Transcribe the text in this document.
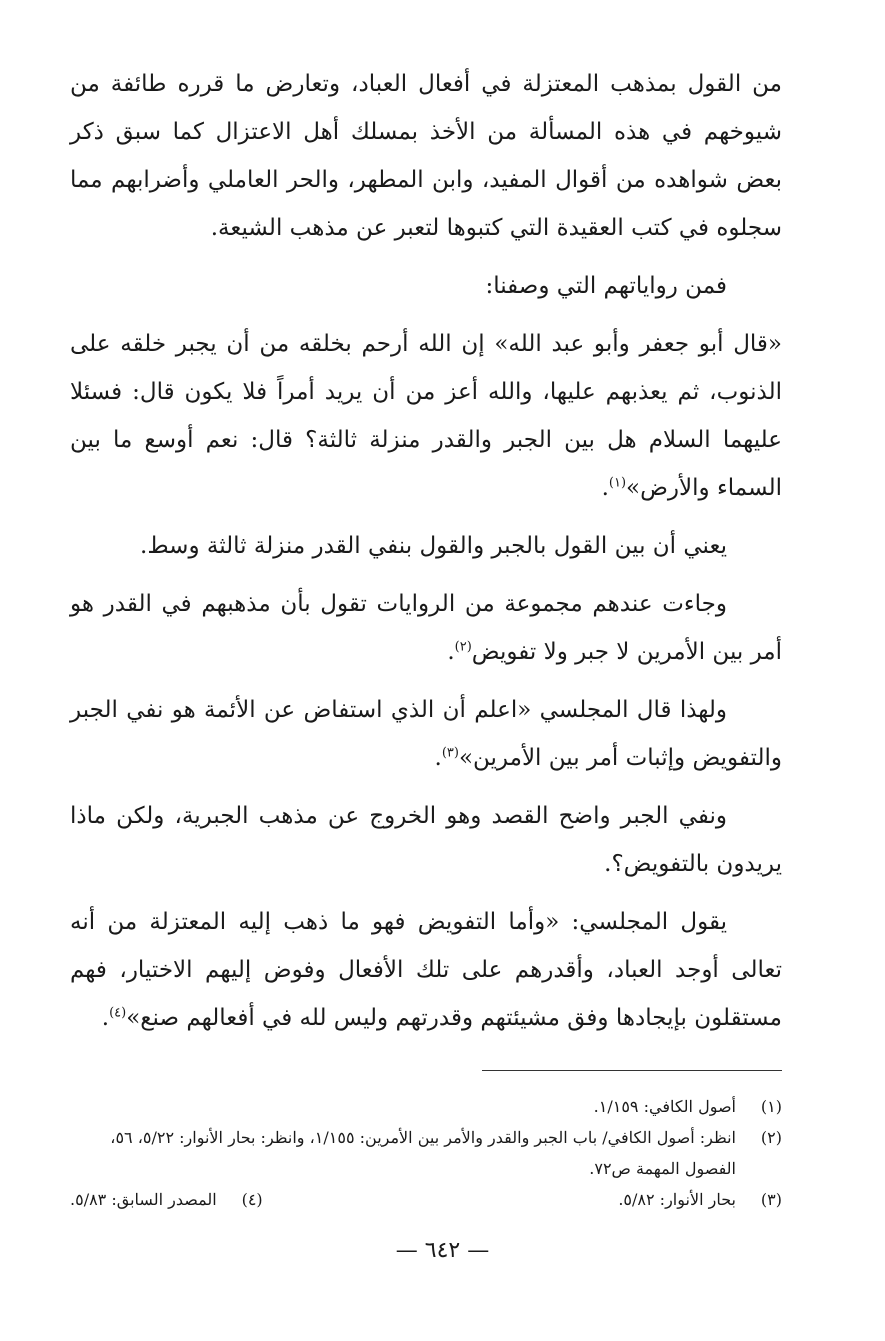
من القول بمذهب المعتزلة في أفعال العباد، وتعارض ما قرره طائفة من شيوخهم في هذه المسألة من الأخذ بمسلك أهل الاعتزال كما سبق ذكر بعض شواهده من أقوال المفيد، وابن المطهر، والحر العاملي وأضرابهم مما سجلوه في كتب العقيدة التي كتبوها لتعبر عن مذهب الشيعة.

فمن رواياتهم التي وصفنا:

«قال أبو جعفر وأبو عبد الله» إن الله أرحم بخلقه من أن يجبر خلقه على الذنوب، ثم يعذبهم عليها، والله أعز من أن يريد أمراً فلا يكون قال: فسئلا عليهما السلام هل بين الجبر والقدر منزلة ثالثة؟ قال: نعم أوسع ما بين السماء والأرض»$^{(١)}$.

يعني أن بين القول بالجبر والقول بنفي القدر منزلة ثالثة وسط.

وجاءت عندهم مجموعة من الروايات تقول بأن مذهبهم في القدر هو أمر بين الأمرين لا جبر ولا تفويض$^{(٢)}$.

ولهذا قال المجلسي «اعلم أن الذي استفاض عن الأئمة هو نفي الجبر والتفويض وإثبات أمر بين الأمرين»$^{(٣)}$.

ونفي الجبر واضح القصد وهو الخروج عن مذهب الجبرية، ولكن ماذا يريدون بالتفويض؟.

يقول المجلسي: «وأما التفويض فهو ما ذهب إليه المعتزلة من أنه تعالى أوجد العباد، وأقدرهم على تلك الأفعال وفوض إليهم الاختيار، فهم مستقلون بإيجادها وفق مشيئتهم وقدرتهم وليس لله في أفعالهم صنع»$^{(٤)}$.

(١)
أصول الكافي: ١/١٥٩.
(٢)
انظر: أصول الكافي/ باب الجبر والقدر والأمر بين الأمرين: ١/١٥٥، وانظر: بحار الأنوار: ٥/٢٢، ٥٦، الفصول المهمة ص٧٢.
(٣)
بحار الأنوار: ٥/٨٢.
(٤)
المصدر السابق: ٥/٨٣.
— ٦٤٢ —
